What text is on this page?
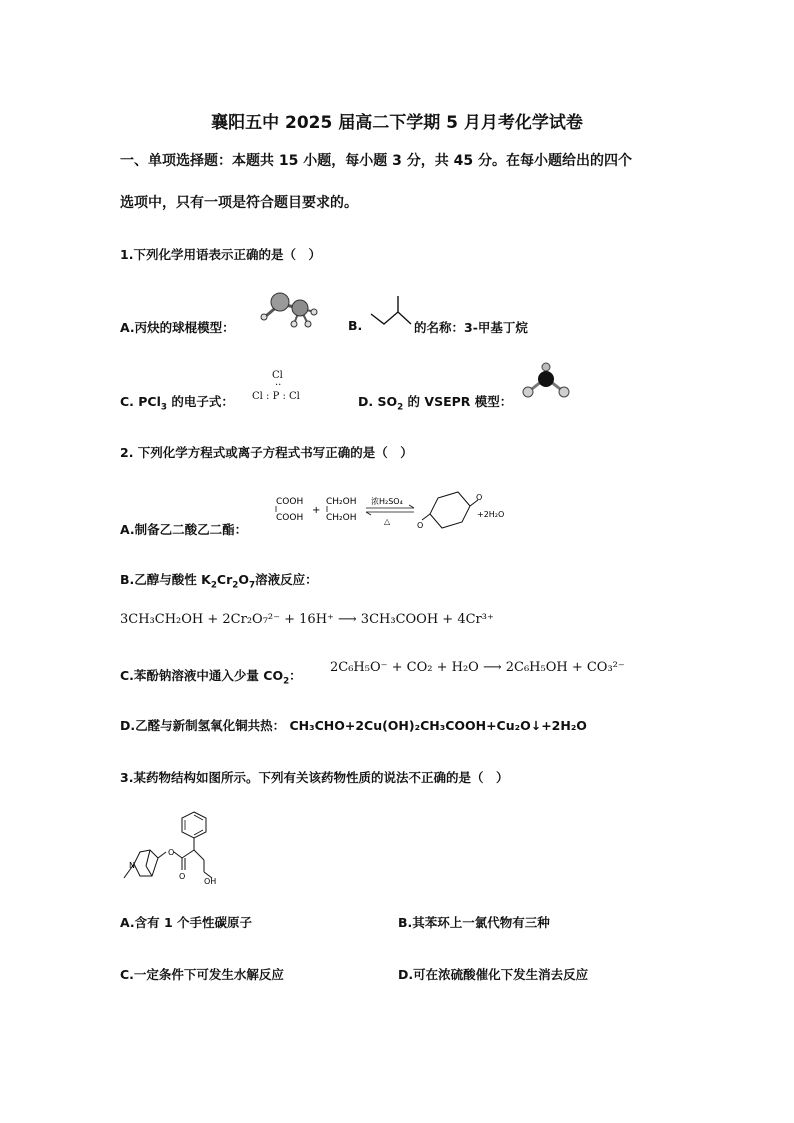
襄阳五中 2025 届高二下学期 5 月月考化学试卷
一、单项选择题：本题共 15 小题，每小题 3 分，共 45 分。在每小题给出的四个
选项中，只有一项是符合题目要求的。
1.下列化学用语表示正确的是（　）
A.丙炔的球棍模型：	B.	的名称：3-甲基丁烷
C. PCl$_3$ 的电子式：
Cl
··
Cl : P : Cl	D. $SO_2$ 的 VSEPR 模型：
2. 下列化学方程式或离子方程式书写正确的是（　）
A.制备乙二酸乙二酯：
COOH
COOH
+
CH₂OH
CH₂OH
浓H₂SO₄
△	O
O
+2H₂O
B.乙醇与酸性 $K_2Cr_2O_7$溶液反应：
3CH₃CH₂OH + 2Cr₂O₇²⁻ + 16H⁺ ⟶ 3CH₃COOH + 4Cr³⁺
C.苯酚钠溶液中通入少量 $CO_2$：
2C₆H₅O⁻ + CO₂ + H₂O ⟶ 2C₆H₅OH + CO₃²⁻
D.乙醛与新制氢氧化铜共热： CH₃CHO+2Cu(OH)₂CH₃COOH+Cu₂O↓+2H₂O
3.某药物结构如图所示。下列有关该药物性质的说法不正确的是（　）
O
O
OH
N
A.含有 1 个手性碳原子	B.其苯环上一氯代物有三种
C.一定条件下可发生水解反应	D.可在浓硫酸催化下发生消去反应
